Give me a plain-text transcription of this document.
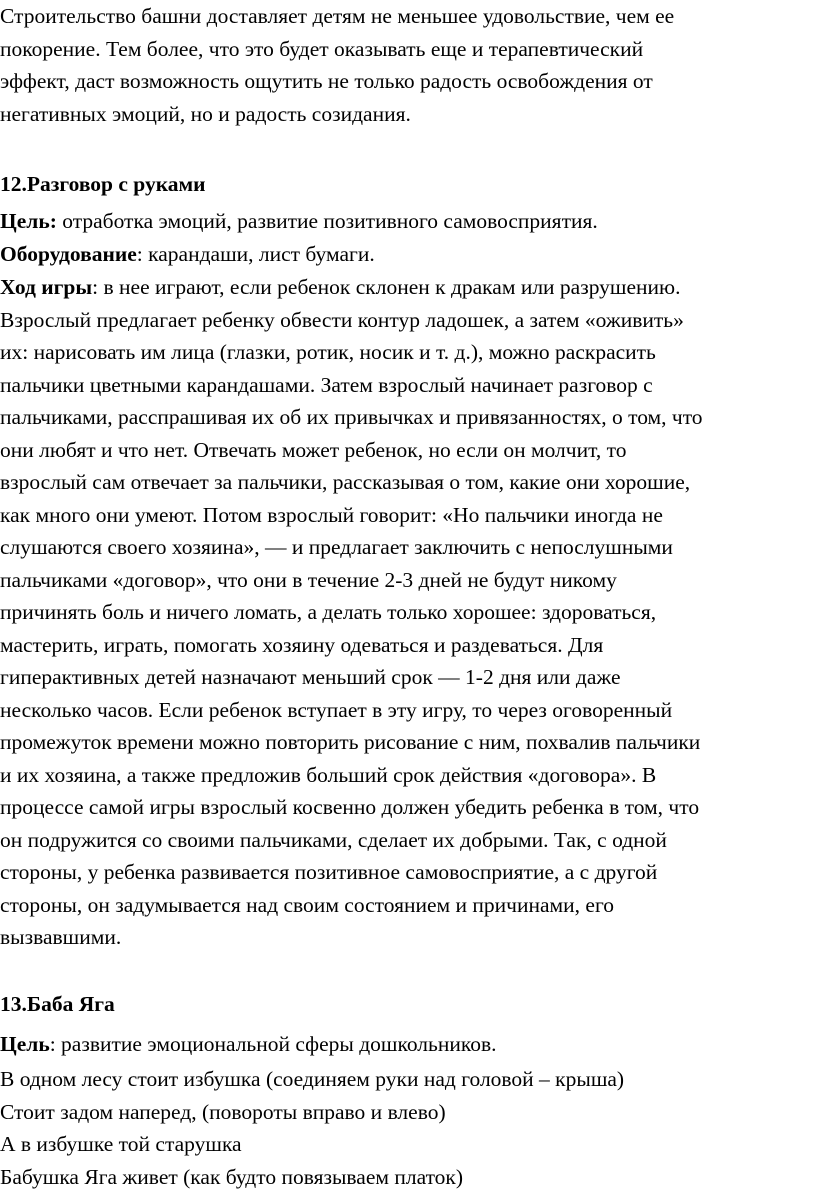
Строительство башни доставляет детям не меньшее удовольствие, чем ее
покорение. Тем более, что это будет оказывать еще и терапевтический
эффект, даст возможность ощутить не только радость освобождения от
негативных эмоций, но и радость созидания.
12.Разговор с руками
Цель: отработка эмоций, развитие позитивного самовосприятия.
Оборудование: карандаши, лист бумаги.
Ход игры: в нее играют, если ребенок склонен к дракам или разрушению.
Взрослый предлагает ребенку обвести контур ладошек, а затем «оживить»
их: нарисовать им лица (глазки, ротик, носик и т. д.), можно раскрасить
пальчики цветными карандашами. Затем взрослый начинает разговор с
пальчиками, расспрашивая их об их привычках и привязанностях, о том, что
они любят и что нет. Отвечать может ребенок, но если он молчит, то
взрослый сам отвечает за пальчики, рассказывая о том, какие они хорошие,
как много они умеют. Потом взрослый говорит: «Но пальчики иногда не
слушаются своего хозяина», — и предлагает заключить с непослушными
пальчиками «договор», что они в течение 2-3 дней не будут никому
причинять боль и ничего ломать, а делать только хорошее: здороваться,
мастерить, играть, помогать хозяину одеваться и раздеваться. Для
гиперактивных детей назначают меньший срок — 1-2 дня или даже
несколько часов. Если ребенок вступает в эту игру, то через оговоренный
промежуток времени можно повторить рисование с ним, похвалив пальчики
и их хозяина, а также предложив больший срок действия «договора». В
процессе самой игры взрослый косвенно должен убедить ребенка в том, что
он подружится со своими пальчиками, сделает их добрыми. Так, с одной
стороны, у ребенка развивается позитивное самовосприятие, а с другой
стороны, он задумывается над своим состоянием и причинами, его
вызвавшими.
13.Баба Яга
Цель: развитие эмоциональной сферы дошкольников.
В одном лесу стоит избушка (соединяем руки над головой – крыша)
Стоит задом наперед, (повороты вправо и влево)
А в избушке той старушка
Бабушка Яга живет (как будто повязываем платок)
